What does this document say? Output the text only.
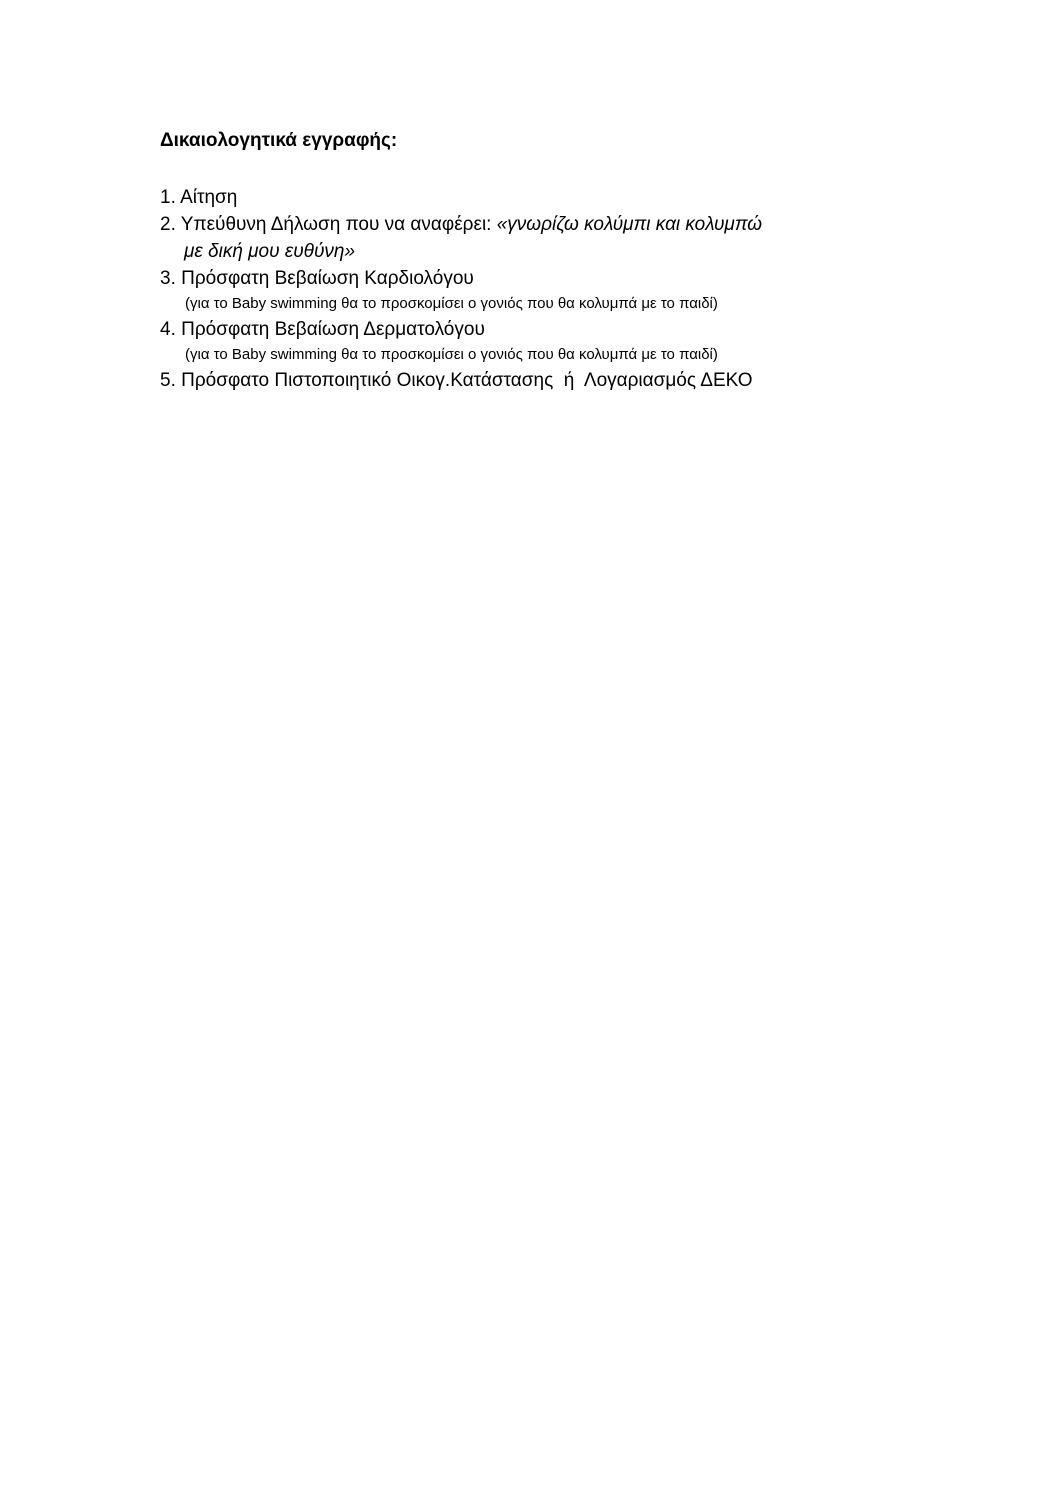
Δικαιολογητικά εγγραφής:
1. Αίτηση
2. Υπεύθυνη Δήλωση που να αναφέρει: «γνωρίζω κολύμπι και κολυμπώ
με δική μου ευθύνη»
3. Πρόσφατη Βεβαίωση Καρδιολόγου
(για το Baby swimming θα το προσκομίσει ο γονιός που θα κολυμπά με το παιδί)
4. Πρόσφατη Βεβαίωση Δερματολόγου
(για το Baby swimming θα το προσκομίσει ο γονιός που θα κολυμπά με το παιδί)
5. Πρόσφατο Πιστοποιητικό Οικογ.Κατάστασης  ή  Λογαριασμός ΔΕΚΟ
